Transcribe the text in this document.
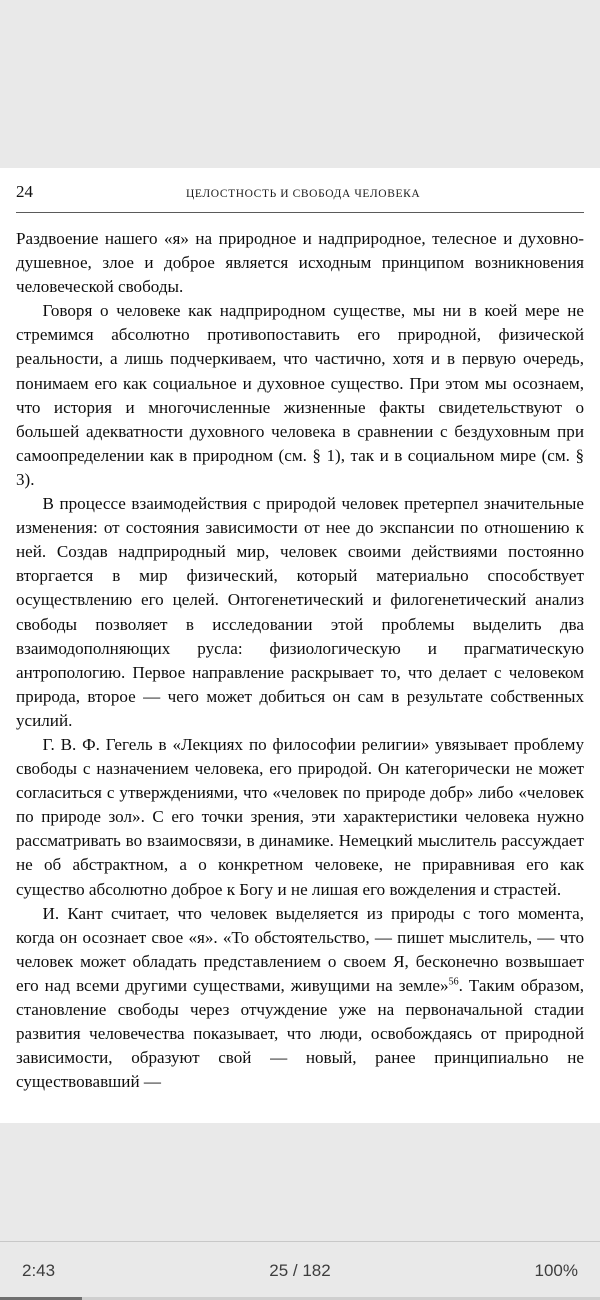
24	ЦЕЛОСТНОСТЬ И СВОБОДА ЧЕЛОВЕКА

Раздвоение нашего «я» на природное и надприродное, телесное и духовно-душевное, злое и доброе является исходным принципом возникновения человеческой свободы.

Говоря о человеке как надприродном существе, мы ни в коей мере не стремимся абсолютно противопоставить его природной, физической реальности, а лишь подчеркиваем, что частично, хотя и в первую очередь, понимаем его как социальное и духовное существо. При этом мы осознаем, что история и многочисленные жизненные факты свидетельствуют о большей адекватности духовного человека в сравнении с бездуховным при самоопределении как в природном (см. § 1), так и в социальном мире (см. § 3).

В процессе взаимодействия с природой человек претерпел значительные изменения: от состояния зависимости от нее до экспансии по отношению к ней. Создав надприродный мир, человек своими действиями постоянно вторгается в мир физический, который материально способствует осуществлению его целей. Онтогенетический и филогенетический анализ свободы позволяет в исследовании этой проблемы выделить два взаимодополняющих русла: физиологическую и прагматическую антропологию. Первое направление раскрывает то, что делает с человеком природа, второе — чего может добиться он сам в результате собственных усилий.

Г. В. Ф. Гегель в «Лекциях по философии религии» увязывает проблему свободы с назначением человека, его природой. Он категорически не может согласиться с утверждениями, что «человек по природе добр» либо «человек по природе зол». С его точки зрения, эти характеристики человека нужно рассматривать во взаимосвязи, в динамике. Немецкий мыслитель рассуждает не об абстрактном, а о конкретном человеке, не приравнивая его как существо абсолютно доброе к Богу и не лишая его вожделения и страстей.

И. Кант считает, что человек выделяется из природы с того момента, когда он осознает свое «я». «То обстоятельство, — пишет мыслитель, — что человек может обладать представлением о своем Я, бесконечно возвышает его над всеми другими существами, живущими на земле»$^{56}$. Таким образом, становление свободы через отчуждение уже на первоначальной стадии развития человечества показывает, что люди, освобождаясь от природной зависимости, образуют свой — новый, ранее принципиально не существовавший —

2:43	25 / 182	100%
